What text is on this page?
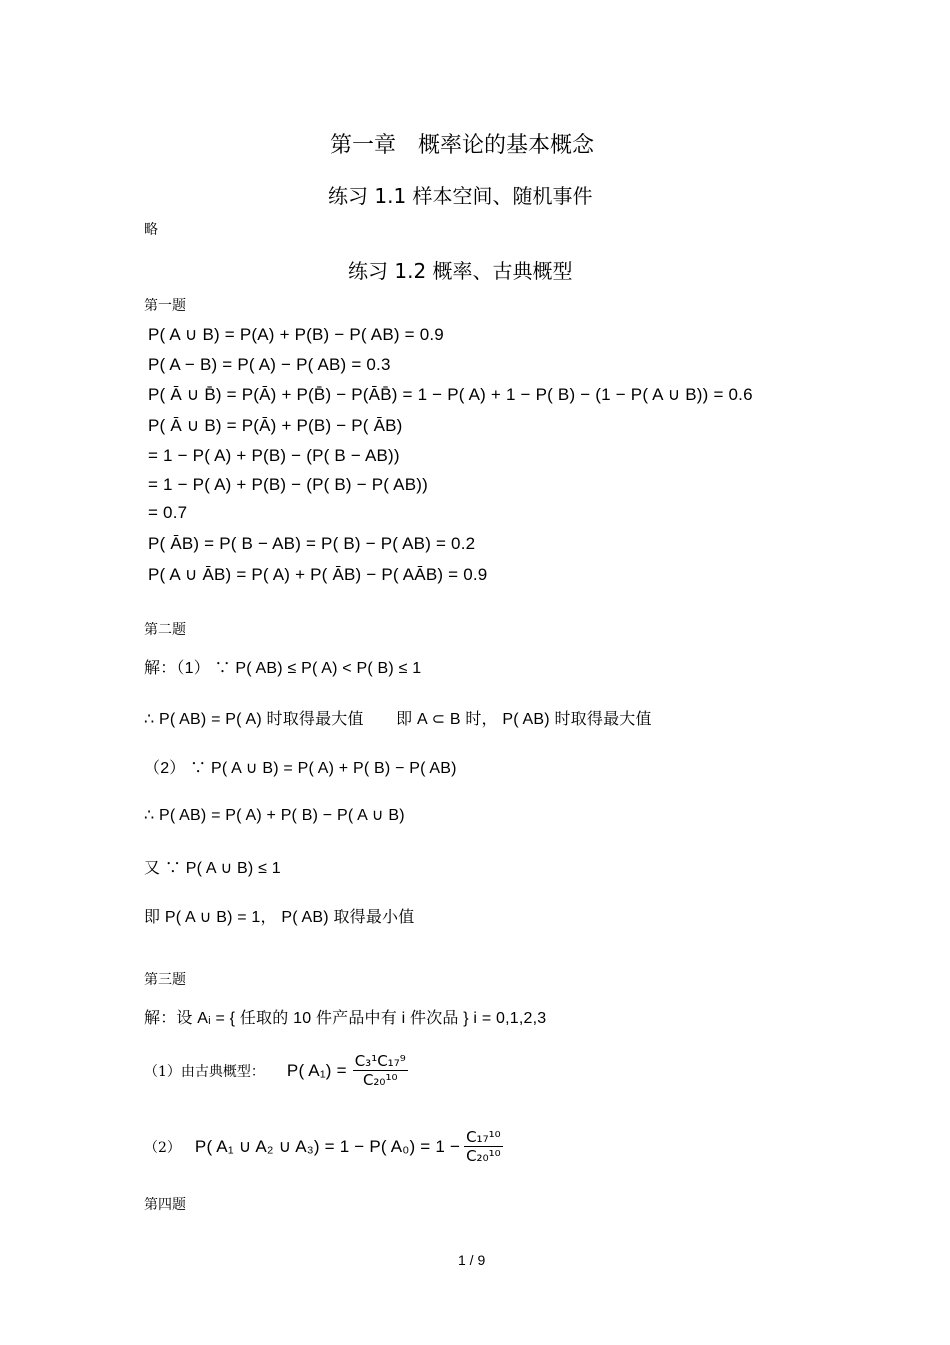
第一章　概率论的基本概念
练习 1.1 样本空间、随机事件
略
练习 1.2 概率、古典概型
第一题
P( A ∪ B) = P(A) + P(B) − P( AB) = 0.9
P( A − B) = P( A) − P( AB) = 0.3
P( Ā ∪ B̄) = P(Ā) + P(B̄) − P(ĀB̄) = 1 − P( A) + 1 − P( B) − (1 − P( A ∪ B)) = 0.6
P( Ā ∪ B) = P(Ā) + P(B) − P( ĀB)
= 1 − P( A) + P(B) − (P( B − AB))
= 1 − P( A) + P(B) − (P( B) − P( AB))
= 0.7
P( ĀB) = P( B − AB) = P( B) − P( AB) = 0.2
P( A ∪ ĀB) = P( A) + P( ĀB) − P( AĀB) = 0.9
第二题
解：（1） ∵ P( AB) ≤ P( A) < P( B) ≤ 1
∴ P( AB) = P( A) 时取得最大值　　即 A ⊂ B 时， P( AB) 时取得最大值
（2） ∵ P( A ∪ B) = P( A) + P( B) − P( AB)
∴ P( AB) = P( A) + P( B) − P( A ∪ B)
又 ∵ P( A ∪ B) ≤ 1
即 P( A ∪ B) = 1， P( AB) 取得最小值
第三题
解：设 Aᵢ = { 任取的 10 件产品中有 i 件次品 } i = 0,1,2,3
（1）由古典概型： P( $A_1) = \frac{\text{C₃¹C₁₇⁹}}{\text{C₂₀¹⁰}}$
（2） P( A₁ ∪ A₂ ∪ A₃) = 1 − P( $A_0) = 1 - \frac{\text{C₁₇¹⁰}}{\text{C₂₀¹⁰}}$
第四题
1 / 9
